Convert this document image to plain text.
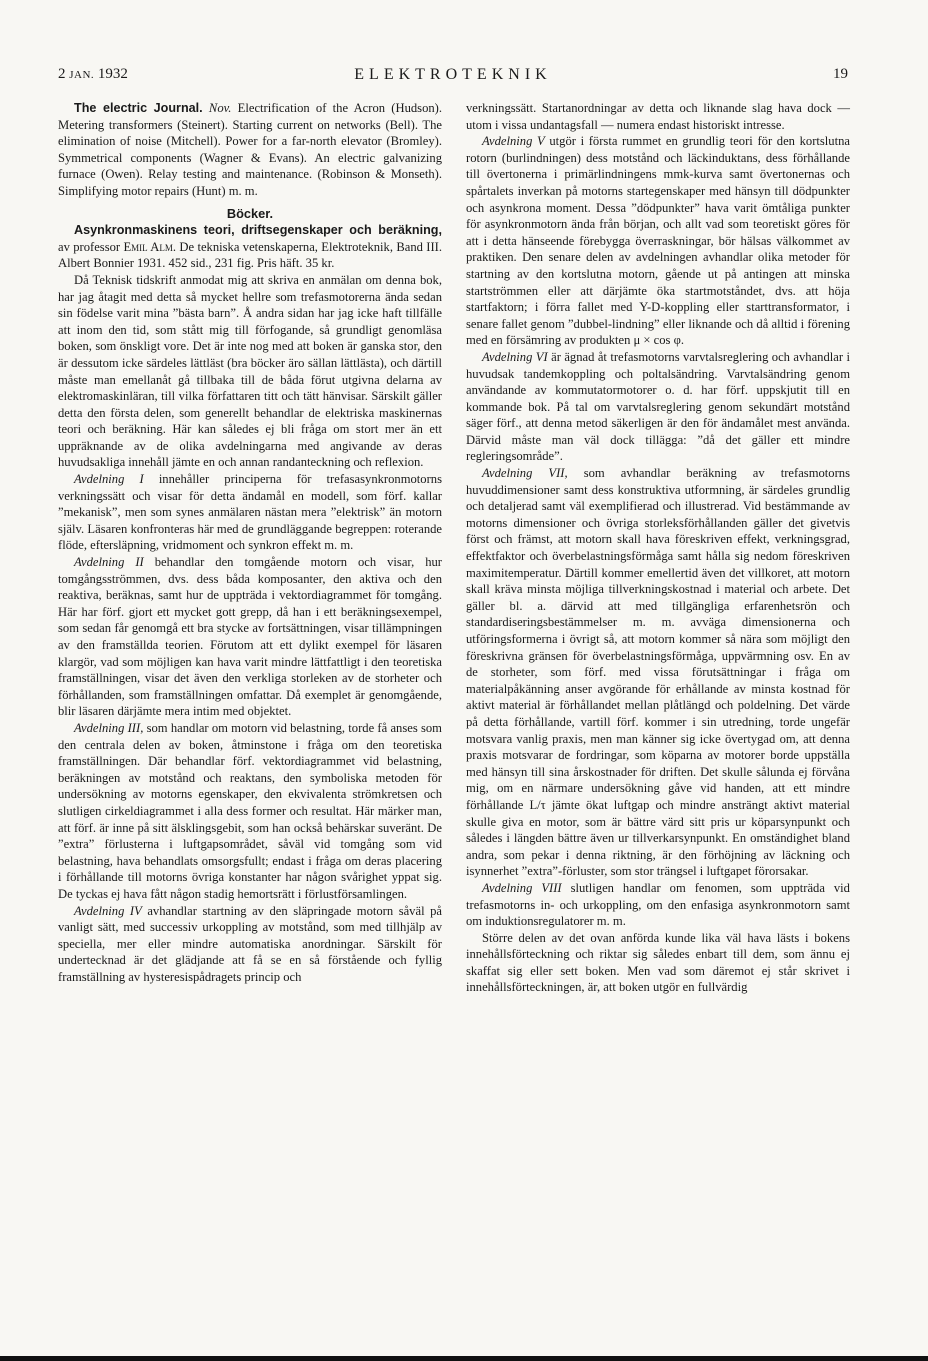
2 JAN. 1932	ELEKTROTEKNIK	19

The electric Journal. Nov. Electrification of the Acron (Hudson). Metering transformers (Steinert). Starting current on networks (Bell). The elimination of noise (Mitchell). Power for a far-north elevator (Bromley). Symmetrical components (Wagner & Evans). An electric galvanizing furnace (Owen). Relay testing and maintenance. (Robinson & Monseth). Simplifying motor repairs (Hunt) m. m.

Böcker.

Asynkronmaskinens teori, driftsegenskaper och beräkning, av professor Emil Alm. De tekniska vetenskaperna, Elektroteknik, Band III. Albert Bonnier 1931. 452 sid., 231 fig. Pris häft. 35 kr.

Då Teknisk tidskrift anmodat mig att skriva en anmälan om denna bok, har jag åtagit med detta så mycket hellre som trefasmotorerna ända sedan sin födelse varit mina ”bästa barn”. Å andra sidan har jag icke haft tillfälle att inom den tid, som stått mig till förfogande, så grundligt genomläsa boken, som önskligt vore. Det är inte nog med att boken är ganska stor, den är dessutom icke särdeles lättläst (bra böcker äro sällan lättlästa), och därtill måste man emellanåt gå tillbaka till de båda förut utgivna delarna av elektromaskinläran, till vilka författaren titt och tätt hänvisar. Särskilt gäller detta den första delen, som generellt behandlar de elektriska maskinernas teori och beräkning. Här kan således ej bli fråga om stort mer än ett uppräknande av de olika avdelningarna med angivande av deras huvudsakliga innehåll jämte en och annan randanteckning och reflexion.

Avdelning I innehåller principerna för trefasasynkronmotorns verkningssätt och visar för detta ändamål en modell, som förf. kallar ”mekanisk”, men som synes anmälaren nästan mera ”elektrisk” än motorn själv. Läsaren konfronteras här med de grundläggande begreppen: roterande flöde, eftersläpning, vridmoment och synkron effekt m. m.

Avdelning II behandlar den tomgående motorn och visar, hur tomgångsströmmen, dvs. dess båda komposanter, den aktiva och den reaktiva, beräknas, samt hur de uppträda i vektordiagrammet för tomgång. Här har förf. gjort ett mycket gott grepp, då han i ett beräkningsexempel, som sedan får genomgå ett bra stycke av fortsättningen, visar tillämpningen av den framställda teorien. Förutom att ett dylikt exempel för läsaren klargör, vad som möjligen kan hava varit mindre lättfattligt i den teoretiska framställningen, visar det även den verkliga storleken av de storheter och förhållanden, som framställningen omfattar. Då exemplet är genomgående, blir läsaren därjämte mera intim med objektet.

Avdelning III, som handlar om motorn vid belastning, torde få anses som den centrala delen av boken, åtminstone i fråga om den teoretiska framställningen. Där behandlar förf. vektordiagrammet vid belastning, beräkningen av motstånd och reaktans, den symboliska metoden för undersökning av motorns egenskaper, den ekvivalenta strömkretsen och slutligen cirkeldiagrammet i alla dess former och resultat. Här märker man, att förf. är inne på sitt älsklingsgebit, som han också behärskar suveränt. De ”extra” förlusterna i luftgapsområdet, såväl vid tomgång som vid belastning, hava behandlats omsorgsfullt; endast i fråga om deras placering i förhållande till motorns övriga konstanter har någon svårighet yppat sig. De tyckas ej hava fått någon stadig hemortsrätt i förlustförsamlingen.

Avdelning IV avhandlar startning av den släpringade motorn såväl på vanligt sätt, med successiv urkoppling av motstånd, som med tillhjälp av speciella, mer eller mindre automatiska anordningar. Särskilt för undertecknad är det glädjande att få se en så förstående och fyllig framställning av hysteresispådragets princip och

verkningssätt. Startanordningar av detta och liknande slag hava dock — utom i vissa undantagsfall — numera endast historiskt intresse.

Avdelning V utgör i första rummet en grundlig teori för den kortslutna rotorn (burlindningen) dess motstånd och läckinduktans, dess förhållande till övertonerna i primärlindningens mmk-kurva samt övertonernas och spårtalets inverkan på motorns startegenskaper med hänsyn till dödpunkter och asynkrona moment. Dessa ”dödpunkter” hava varit ömtåliga punkter för asynkronmotorn ända från början, och allt vad som teoretiskt göres för att i detta hänseende förebygga överraskningar, bör hälsas välkommet av praktiken. Den senare delen av avdelningen avhandlar olika metoder för startning av den kortslutna motorn, gående ut på antingen att minska startströmmen eller att därjämte öka startmotståndet, dvs. att höja startfaktorn; i förra fallet med Y-D-koppling eller starttransformator, i senare fallet genom ”dubbel-lindning” eller liknande och då alltid i förening med en försämring av produkten μ × cos φ.

Avdelning VI är ägnad åt trefasmotorns varvtalsreglering och avhandlar i huvudsak tandemkoppling och poltalsändring. Varvtalsändring genom användande av kommutatormotorer o. d. har förf. uppskjutit till en kommande bok. På tal om varvtalsreglering genom sekundärt motstånd säger förf., att denna metod säkerligen är den för ändamålet mest använda. Därvid måste man väl dock tillägga: ”då det gäller ett mindre regleringsområde”.

Avdelning VII, som avhandlar beräkning av trefasmotorns huvuddimensioner samt dess konstruktiva utformning, är särdeles grundlig och detaljerad samt väl exemplifierad och illustrerad. Vid bestämmande av motorns dimensioner och övriga storleksförhållanden gäller det givetvis först och främst, att motorn skall hava föreskriven effekt, verkningsgrad, effektfaktor och överbelastningsförmåga samt hålla sig nedom föreskriven maximitemperatur. Därtill kommer emellertid även det villkoret, att motorn skall kräva minsta möjliga tillverkningskostnad i material och arbete. Det gäller bl. a. därvid att med tillgängliga erfarenhetsrön och standardiseringsbestämmelser m. m. avväga dimensionerna och utföringsformerna i övrigt så, att motorn kommer så nära som möjligt den föreskrivna gränsen för överbelastningsförmåga, uppvärmning osv. En av de storheter, som förf. med vissa förutsättningar i fråga om materialpåkänning anser avgörande för erhållande av minsta kostnad för aktivt material är förhållandet mellan plåtlängd och poldelning. Det värde på detta förhållande, vartill förf. kommer i sin utredning, torde ungefär motsvara vanlig praxis, men man känner sig icke övertygad om, att denna praxis motsvarar de fordringar, som köparna av motorer borde uppställa med hänsyn till sina årskostnader för driften. Det skulle sålunda ej förvåna mig, om en närmare undersökning gåve vid handen, att ett mindre förhållande L/τ jämte ökat luftgap och mindre ansträngt aktivt material skulle giva en motor, som är bättre värd sitt pris ur köparsynpunkt och således i längden bättre även ur tillverkarsynpunkt. En omständighet bland andra, som pekar i denna riktning, är den förhöjning av läckning och isynnerhet ”extra”-förluster, som stor trängsel i luftgapet förorsakar.

Avdelning VIII slutligen handlar om fenomen, som uppträda vid trefasmotorns in- och urkoppling, om den enfasiga asynkronmotorn samt om induktionsregulatorer m. m.

Större delen av det ovan anförda kunde lika väl hava lästs i bokens innehållsförteckning och riktar sig således enbart till dem, som ännu ej skaffat sig eller sett boken. Men vad som däremot ej står skrivet i innehållsförteckningen, är, att boken utgör en fullvärdig
